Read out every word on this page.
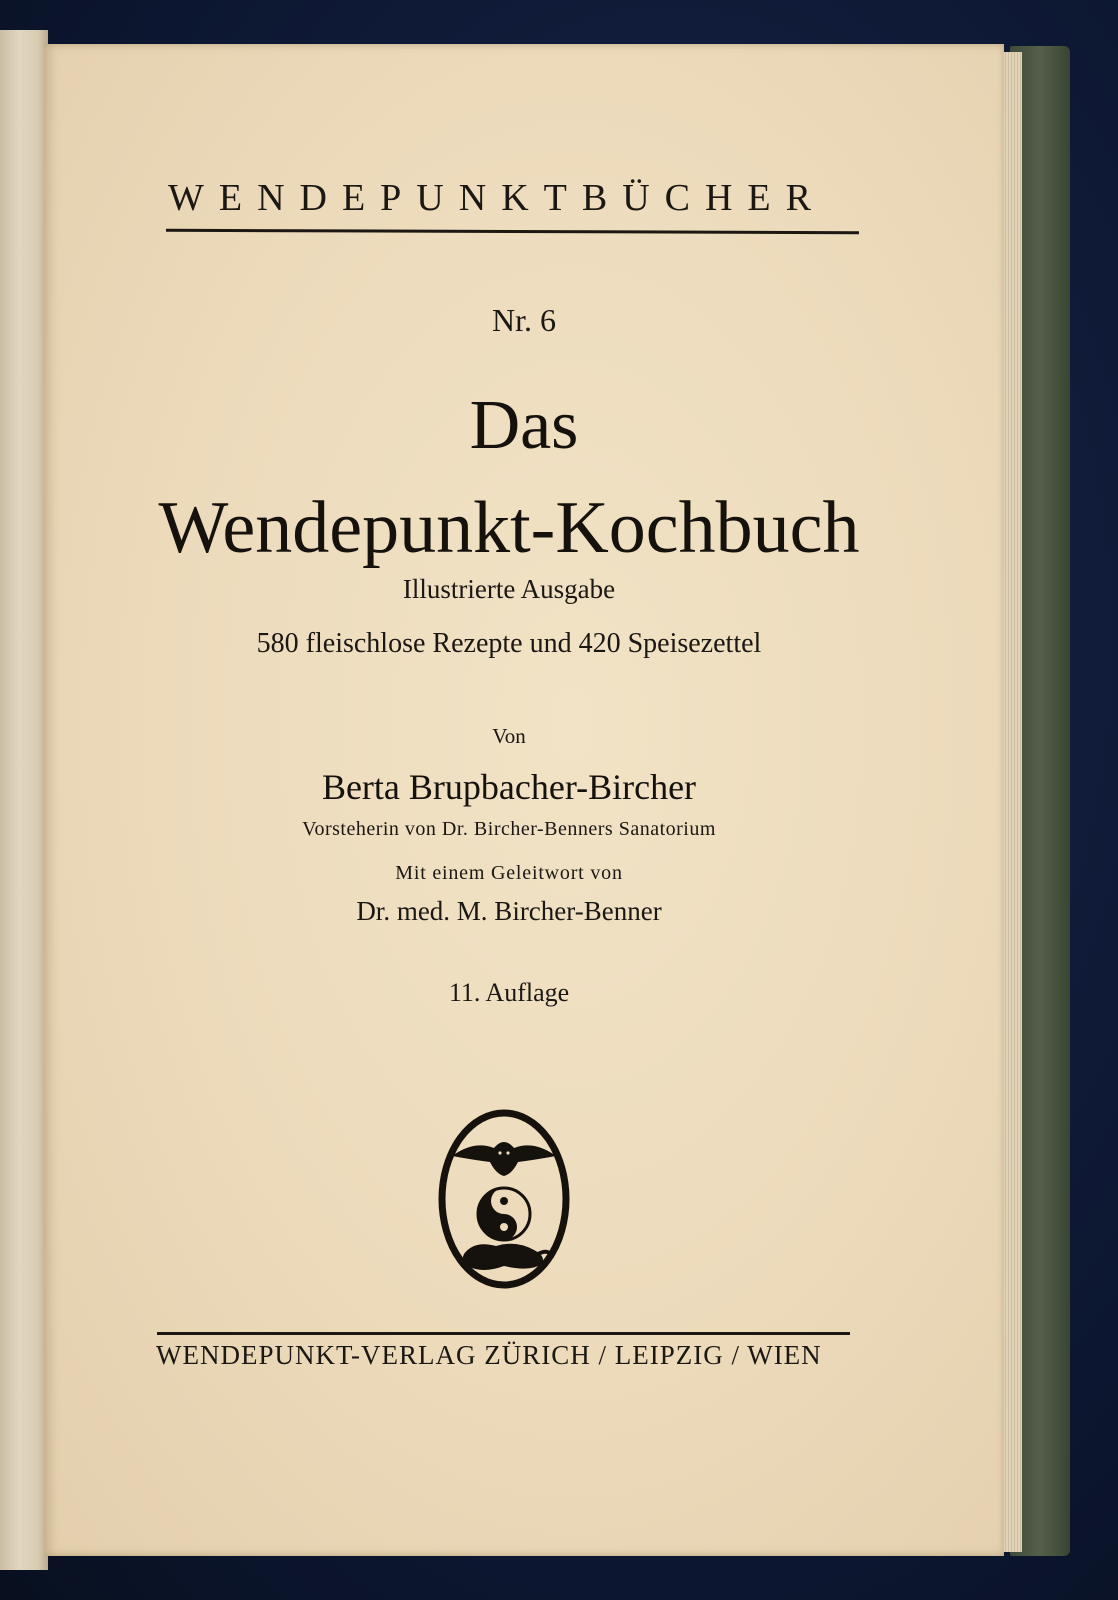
WENDEPUNKTBÜCHER
Nr. 6
Das
Wendepunkt-Kochbuch
Illustrierte Ausgabe
580 fleischlose Rezepte und 420 Speisezettel
Von
Berta Brupbacher-Bircher
Vorsteherin von Dr. Bircher-Benners Sanatorium
Mit einem Geleitwort von
Dr. med. M. Bircher-Benner
11. Auflage
WENDEPUNKT-VERLAG ZÜRICH / LEIPZIG / WIEN
